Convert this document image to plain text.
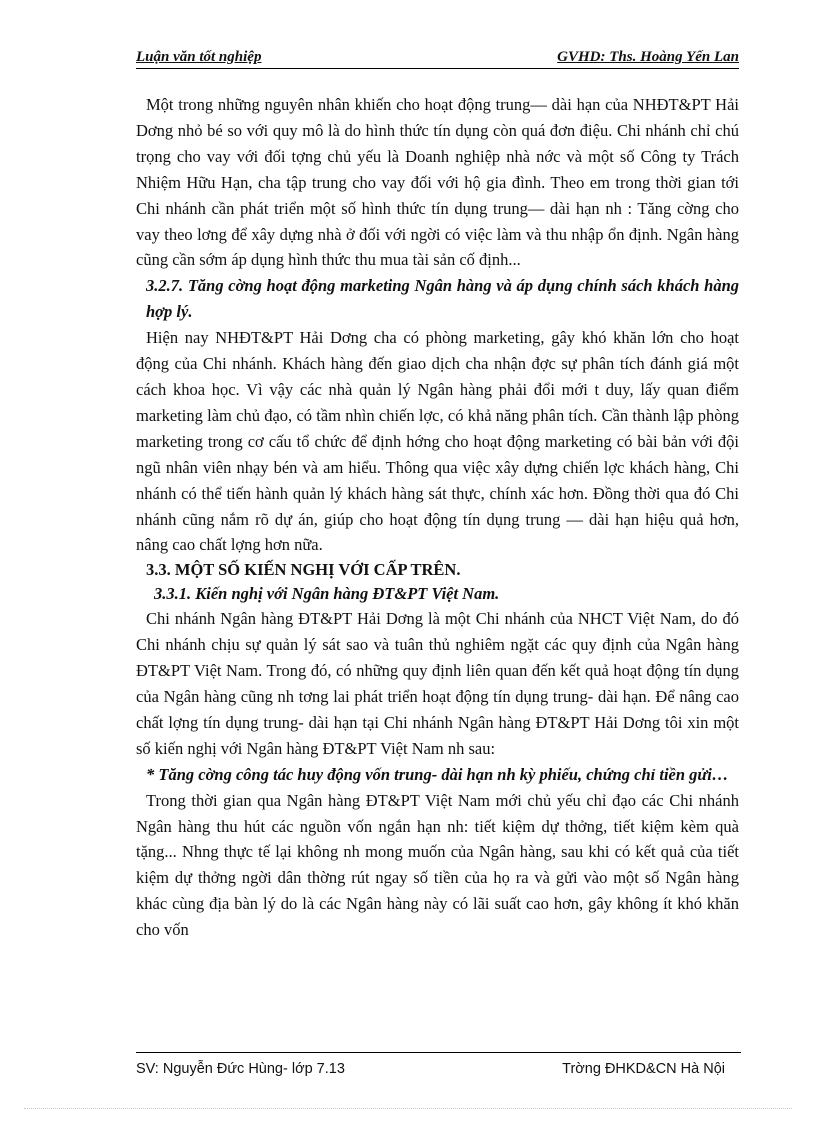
Luận văn tốt nghiệp	GVHD: Ths. Hoàng Yến Lan

Một trong những nguyên nhân khiến cho hoạt động trung— dài hạn của NHĐT&PT Hải Dơng nhỏ bé so với quy mô là do hình thức tín dụng còn quá đơn điệu. Chi nhánh chỉ chú trọng cho vay với đối tợng chủ yếu là Doanh nghiệp nhà nớc và một số Công ty Trách Nhiệm Hữu Hạn, cha tập trung cho vay đối với hộ gia đình. Theo em trong thời gian tới Chi nhánh cần phát triển một số hình thức tín dụng trung— dài hạn nh : Tăng cờng cho vay theo lơng để xây dựng nhà ở đối với ngời có việc làm và thu nhập ổn định. Ngân hàng cũng cần sớm áp dụng hình thức thu mua tài sản cố định...

3.2.7. Tăng cờng hoạt động marketing Ngân hàng và áp dụng chính sách khách hàng hợp lý.

Hiện nay NHĐT&PT Hải Dơng cha có phòng marketing, gây khó khăn lớn cho hoạt động của Chi nhánh. Khách hàng đến giao dịch cha nhận đợc sự phân tích đánh giá một cách khoa học. Vì vậy các nhà quản lý Ngân hàng phải đổi mới t duy, lấy quan điểm marketing làm chủ đạo, có tầm nhìn chiến lợc, có khả năng phân tích. Cần thành lập phòng marketing trong cơ cấu tổ chức để định hớng cho hoạt động marketing có bài bản với đội ngũ nhân viên nhạy bén và am hiểu. Thông qua việc xây dựng chiến lợc khách hàng, Chi nhánh có thể tiến hành quản lý khách hàng sát thực, chính xác hơn. Đồng thời qua đó Chi nhánh cũng nắm rõ dự án, giúp cho hoạt động tín dụng trung — dài hạn hiệu quả hơn, nâng cao chất lợng hơn nữa.

3.3. MỘT SỐ KIẾN NGHỊ VỚI CẤP TRÊN.

3.3.1. Kiến nghị với Ngân hàng ĐT&PT Việt Nam.

Chi nhánh Ngân hàng ĐT&PT Hải Dơng là một Chi nhánh của NHCT Việt Nam, do đó Chi nhánh chịu sự quản lý sát sao và tuân thủ nghiêm ngặt các quy định của Ngân hàng ĐT&PT Việt Nam. Trong đó, có những quy định liên quan đến kết quả hoạt động tín dụng của Ngân hàng cũng nh tơng lai phát triển hoạt động tín dụng trung- dài hạn. Để nâng cao chất lợng tín dụng trung- dài hạn tại Chi nhánh Ngân hàng ĐT&PT Hải Dơng tôi xin một số kiến nghị với Ngân hàng ĐT&PT Việt Nam nh sau:

* Tăng cờng công tác huy động vốn trung- dài hạn nh kỳ phiếu, chứng chỉ tiền gửi…

Trong thời gian qua Ngân hàng ĐT&PT Việt Nam mới chủ yếu chỉ đạo các Chi nhánh Ngân hàng thu hút các nguồn vốn ngắn hạn nh: tiết kiệm dự thởng, tiết kiệm kèm quà tặng... Nhng thực tế lại không nh mong muốn của Ngân hàng, sau khi có kết quả của tiết kiệm dự thởng ngời dân thờng rút ngay số tiền của họ ra và gửi vào một số Ngân hàng khác cùng địa bàn lý do là các Ngân hàng này có lãi suất cao hơn, gây không ít khó khăn cho vốn

SV: Nguyễn Đức Hùng- lớp 7.13	Trờng ĐHKD&CN Hà Nội
